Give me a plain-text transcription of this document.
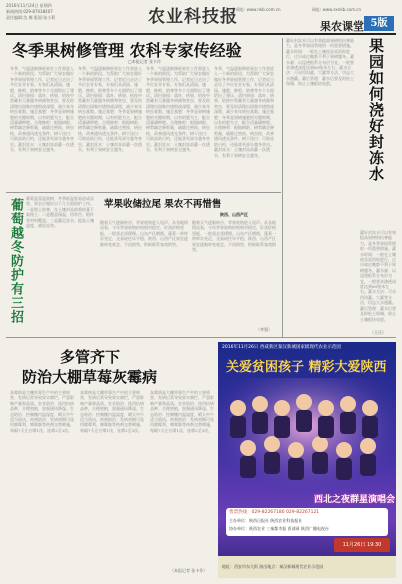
2016年11月24日 星期四
新闻热线:029-87038407
责任编辑:沈 娜 版面:张小莉	农业科技报
网址: www.nkb.com.cn	网址: www.sxnkb.com.cn
果农课堂 5版
冬季果树修管理 农科专家传经验
□本报记者 张卡作
冬季，气温逐渐降低果农工作要进入一个新的阶段。为帮助广大果农做好冬季果园管理工作，记者近日走访了多位农业专家，专家们从清园、施肥、修剪、防寒等多个方面给出了建议。清扫果园：落叶、病果、枯枝中常藏有大量越冬病菌和害虫，要及时清理出园集中烧毁或深埋，减少来年病虫基数。施足基肥：冬季是果树施肥的关键时期，以有机肥为主，配合适量磷钾肥。合理修剪：根据树龄、树势确定修剪量，疏除过密枝、病虫枝，改善通风透光条件。树干涂白：可防冻防日灼，还能杀死部分越冬害虫。灌封冻水：土壤封冻前灌一次透水，有利于果树安全越冬。
冬季，气温逐渐降低果农工作要进入一个新的阶段。为帮助广大果农做好冬季果园管理工作，记者近日走访了多位农业专家，专家们从清园、施肥、修剪、防寒等多个方面给出了建议。清扫果园：落叶、病果、枯枝中常藏有大量越冬病菌和害虫，要及时清理出园集中烧毁或深埋，减少来年病虫基数。施足基肥：冬季是果树施肥的关键时期，以有机肥为主，配合适量磷钾肥。合理修剪：根据树龄、树势确定修剪量，疏除过密枝、病虫枝，改善通风透光条件。树干涂白：可防冻防日灼，还能杀死部分越冬害虫。灌封冻水：土壤封冻前灌一次透水，有利于果树安全越冬。
冬季，气温逐渐降低果农工作要进入一个新的阶段。为帮助广大果农做好冬季果园管理工作，记者近日走访了多位农业专家，专家们从清园、施肥、修剪、防寒等多个方面给出了建议。清扫果园：落叶、病果、枯枝中常藏有大量越冬病菌和害虫，要及时清理出园集中烧毁或深埋，减少来年病虫基数。施足基肥：冬季是果树施肥的关键时期，以有机肥为主，配合适量磷钾肥。合理修剪：根据树龄、树势确定修剪量，疏除过密枝、病虫枝，改善通风透光条件。树干涂白：可防冻防日灼，还能杀死部分越冬害虫。灌封冻水：土壤封冻前灌一次透水，有利于果树安全越冬。
冬季，气温逐渐降低果农工作要进入一个新的阶段。为帮助广大果农做好冬季果园管理工作，记者近日走访了多位农业专家，专家们从清园、施肥、修剪、防寒等多个方面给出了建议。清扫果园：落叶、病果、枯枝中常藏有大量越冬病菌和害虫，要及时清理出园集中烧毁或深埋，减少来年病虫基数。施足基肥：冬季是果树施肥的关键时期，以有机肥为主，配合适量磷钾肥。合理修剪：根据树龄、树势确定修剪量，疏除过密枝、病虫枝，改善通风透光条件。树干涂白：可防冻防日灼，还能杀死部分越冬害虫。灌封冻水：土壤封冻前灌一次透水，有利于果树安全越冬。
灌好封冻水可以有效提高果树的抗寒能力，是冬季果园管理的一项重要措施。灌水时间：一般在土壤夜冻昼消时进行，过早或过晚都不利于果树越冬。灌水量：以浸透根系分布层为宜，一般要求渗透深度达到80厘米左右。灌水方法：可采用沟灌、穴灌等方法，切忌大水漫灌。灌后管理：灌水后要及时松土保墒，防止土壤板结龟裂。	果园如何浇好封冻水
灌好封冻水可以有效提高果树的抗寒能力，是冬季果园管理的一项重要措施。灌水时间：一般在土壤夜冻昼消时进行，过早或过晚都不利于果树越冬。灌水量：以浸透根系分布层为宜，一般要求渗透深度达到80厘米左右。灌水方法：可采用沟灌、穴灌等方法，切忌大水漫灌。灌后管理：灌水后要及时松土保墒，防止土壤板结龟裂。
（王氏）
葡萄越冬防护有三招 葡萄是喜温果树，冬季低温容易造成冻害，果农应做好以下几方面防护工作。一是埋土防寒，在土壤封冻前将枝蔓下架埋土；二是覆盖保温，用草苫、秸秆等材料覆盖；三是灌足冻水，提高土壤温度，减轻冻害。
苹果收储拉尾 果农不再惜售
陕西、山西产区
随着天气逐渐转冷，苹果收购进入尾声。从各地情况看，今年苹果收购价格相对稳定，好货价格坚挺，一般货走货缓慢。山东产区栖霞、蓬莱一带库存充足，交易较往年平稳。陕西、山西产区果农逐渐转变观念，不再惜售，积极联系客商销售。
随着天气逐渐转冷，苹果收购进入尾声。从各地情况看，今年苹果收购价格相对稳定，好货价格坚挺，一般货走货缓慢。山东产区栖霞、蓬莱一带库存充足，交易较往年平稳。陕西、山西产区果农逐渐转变观念，不再惜售，积极联系客商销售。
（李强）
多管齐下
防治大棚草莓灰霉病
灰霉病是大棚草莓生产中的主要病害，发病后常导致果实腐烂，严重影响产量和品质。农业防治：选用抗病品种，合理密植，加强通风降湿。生态防治：控制棚内温湿度，晴天中午适当放风。药剂防治：发病初期可选用腐霉利、嘧霉胺等药剂交替喷施，每隔7天左右喷1次，连喷2至3次。
灰霉病是大棚草莓生产中的主要病害，发病后常导致果实腐烂，严重影响产量和品质。农业防治：选用抗病品种，合理密植，加强通风降湿。生态防治：控制棚内温湿度，晴天中午适当放风。药剂防治：发病初期可选用腐霉利、嘧霉胺等药剂交替喷施，每隔7天左右喷1次，连喷2至3次。
灰霉病是大棚草莓生产中的主要病害，发病后常导致果实腐烂，严重影响产量和品质。农业防治：选用抗病品种，合理密植，加强通风降湿。生态防治：控制棚内温湿度，晴天中午适当放风。药剂防治：发病初期可选用腐霉利、嘧霉胺等药剂交替喷施，每隔7天左右喷1次，连喷2至3次。
（本报记者 张卡作）
2016年11月26日 西咸新区秦汉新城国家级现代农业示范园
关爱贫困孩子 精彩大爱陕西
西北之夜群星演唱会
售票热线：029-82267180 029-82267121
主办单位：陕西日报社 陕西农业科技报社
协办单位：陕西农业 三秦都市报 西部网 陕西广播电视台
11月26日 19:30
地址：西安市东大街 演出地点：秦汉新城现代农业示范园
